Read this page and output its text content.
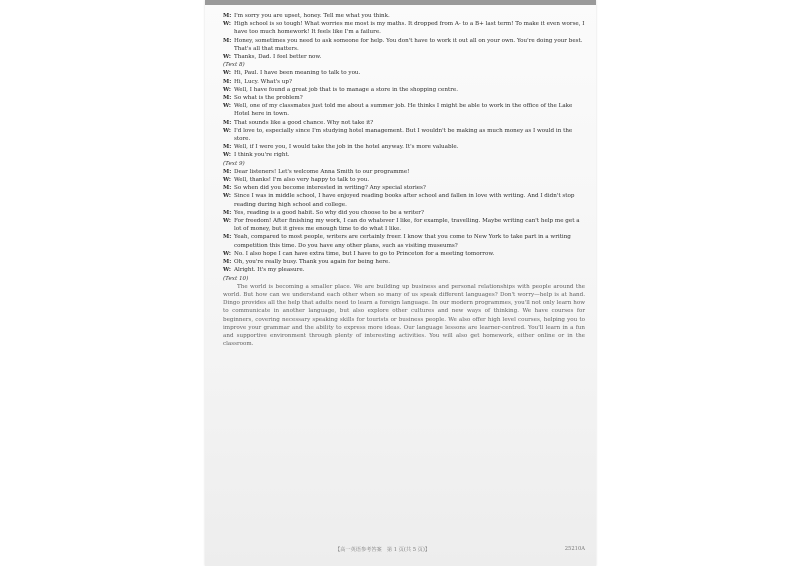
M: I'm sorry you are upset, honey. Tell me what you think.
W: High school is so tough! What worries me most is my maths. It dropped from A- to a B+ last term! To make it even worse, I have too much homework! It feels like I'm a failure.
M: Honey, sometimes you need to ask someone for help. You don't have to work it out all on your own. You're doing your best. That's all that matters.
W: Thanks, Dad. I feel better now.
(Text 8)
W: Hi, Paul. I have been meaning to talk to you.
M: Hi, Lucy. What's up?
W: Well, I have found a great job that is to manage a store in the shopping centre.
M: So what is the problem?
W: Well, one of my classmates just told me about a summer job. He thinks I might be able to work in the office of the Lake Hotel here in town.
M: That sounds like a good chance. Why not take it?
W: I'd love to, especially since I'm studying hotel management. But I wouldn't be making as much money as I would in the store.
M: Well, if I were you, I would take the job in the hotel anyway. It's more valuable.
W: I think you're right.
(Text 9)
M: Dear listeners! Let's welcome Anna Smith to our programme!
W: Well, thanks! I'm also very happy to talk to you.
M: So when did you become interested in writing? Any special stories?
W: Since I was in middle school, I have enjoyed reading books after school and fallen in love with writing. And I didn't stop reading during high school and college.
M: Yes, reading is a good habit. So why did you choose to be a writer?
W: For freedom! After finishing my work, I can do whatever I like, for example, travelling. Maybe writing can't help me get a lot of money, but it gives me enough time to do what I like.
M: Yeah, compared to most people, writers are certainly freer. I know that you come to New York to take part in a writing competition this time. Do you have any other plans, such as visiting museums?
W: No. I also hope I can have extra time, but I have to go to Princeton for a meeting tomorrow.
M: Oh, you're really busy. Thank you again for being here.
W: Alright. It's my pleasure.
(Text 10)

The world is becoming a smaller place. We are building up business and personal relationships with people around the world. But how can we understand each other when so many of us speak different languages? Don't worry—help is at hand. Dingo provides all the help that adults need to learn a foreign language. In our modern programmes, you'll not only learn how to communicate in another language, but also explore other cultures and new ways of thinking. We have courses for beginners, covering necessary speaking skills for tourists or business people. We also offer high level courses, helping you to improve your grammar and the ability to express more ideas. Our language lessons are learner-centred. You'll learn in a fun and supportive environment through plenty of interesting activities. You will also get homework, either online or in the classroom.

【高一英语参考答案　第 1 页(共 5 页)】	25210A
